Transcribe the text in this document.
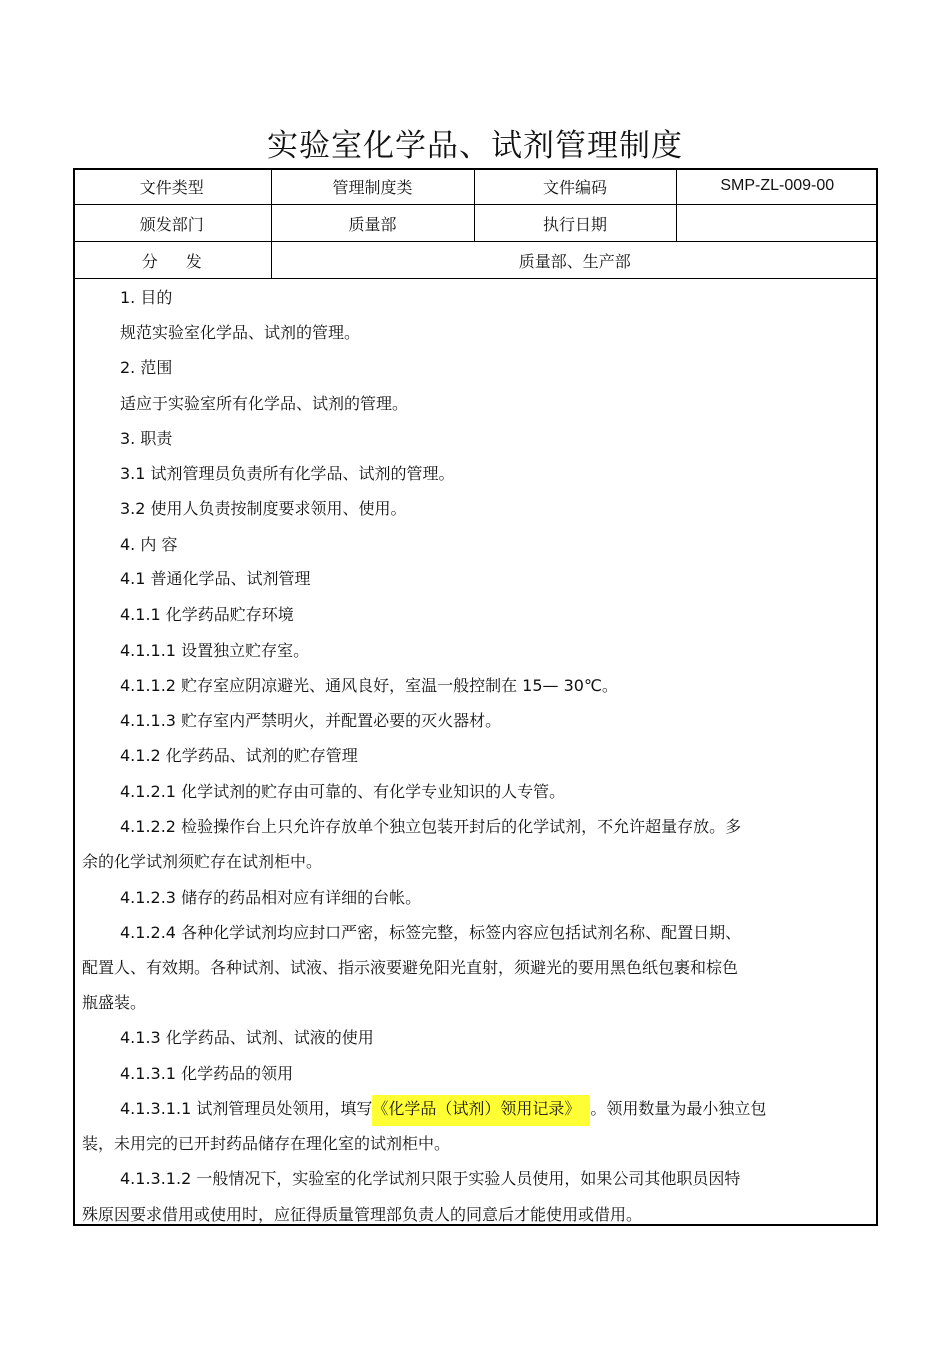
实验室化学品、试剂管理制度
文件类型	管理制度类	文件编码	SMP-ZL-009-00
颁发部门	质量部	执行日期	
分发	质量部、生产部		
1. 目的
规范实验室化学品、试剂的管理。
2. 范围
适应于实验室所有化学品、试剂的管理。
3. 职责
3.1 试剂管理员负责所有化学品、试剂的管理。
3.2 使用人负责按制度要求领用、使用。
4. 内 容
4.1 普通化学品、试剂管理
4.1.1 化学药品贮存环境
4.1.1.1 设置独立贮存室。
4.1.1.2 贮存室应阴凉避光、通风良好，室温一般控制在 15— 30℃。
4.1.1.3 贮存室内严禁明火，并配置必要的灭火器材。
4.1.2 化学药品、试剂的贮存管理
4.1.2.1 化学试剂的贮存由可靠的、有化学专业知识的人专管。
4.1.2.2 检验操作台上只允许存放单个独立包装开封后的化学试剂，不允许超量存放。多
余的化学试剂须贮存在试剂柜中。
4.1.2.3 储存的药品相对应有详细的台帐。
4.1.2.4 各种化学试剂均应封口严密，标签完整，标签内容应包括试剂名称、配置日期、
配置人、有效期。各种试剂、试液、指示液要避免阳光直射，须避光的要用黑色纸包裹和棕色
瓶盛装。
4.1.3 化学药品、试剂、试液的使用
4.1.3.1 化学药品的领用
4.1.3.1.1 试剂管理员处领用，填写《化学品（试剂）领用记录》 。领用数量为最小独立包
装，未用完的已开封药品储存在理化室的试剂柜中。
4.1.3.1.2 一般情况下，实验室的化学试剂只限于实验人员使用，如果公司其他职员因特
殊原因要求借用或使用时，应征得质量管理部负责人的同意后才能使用或借用。
